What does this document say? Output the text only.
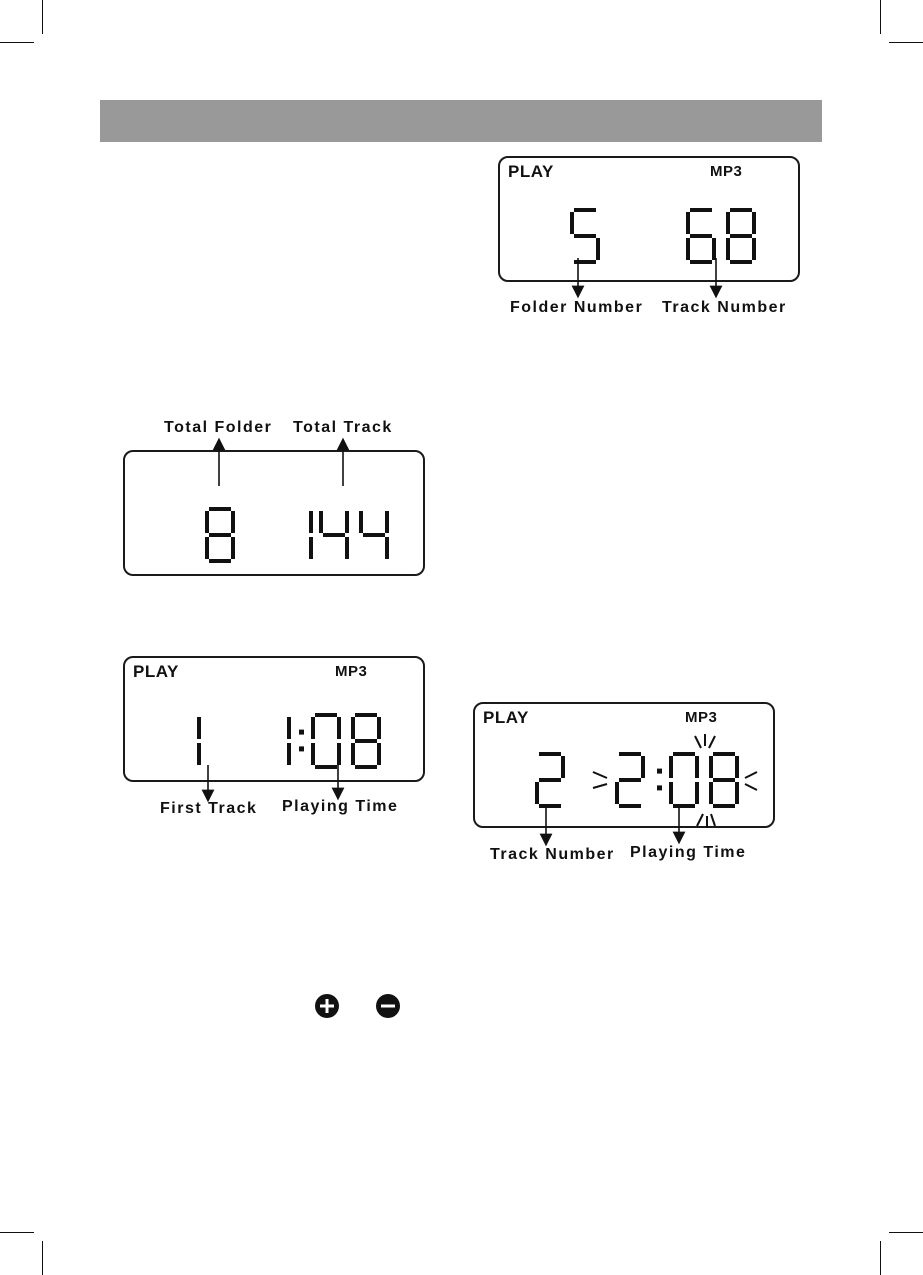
PLAY	MP3
Folder Number Track Number
Total Folder Total Track
PLAY	MP3
First Track Playing Time
PLAY	MP3
Track Number Playing Time
